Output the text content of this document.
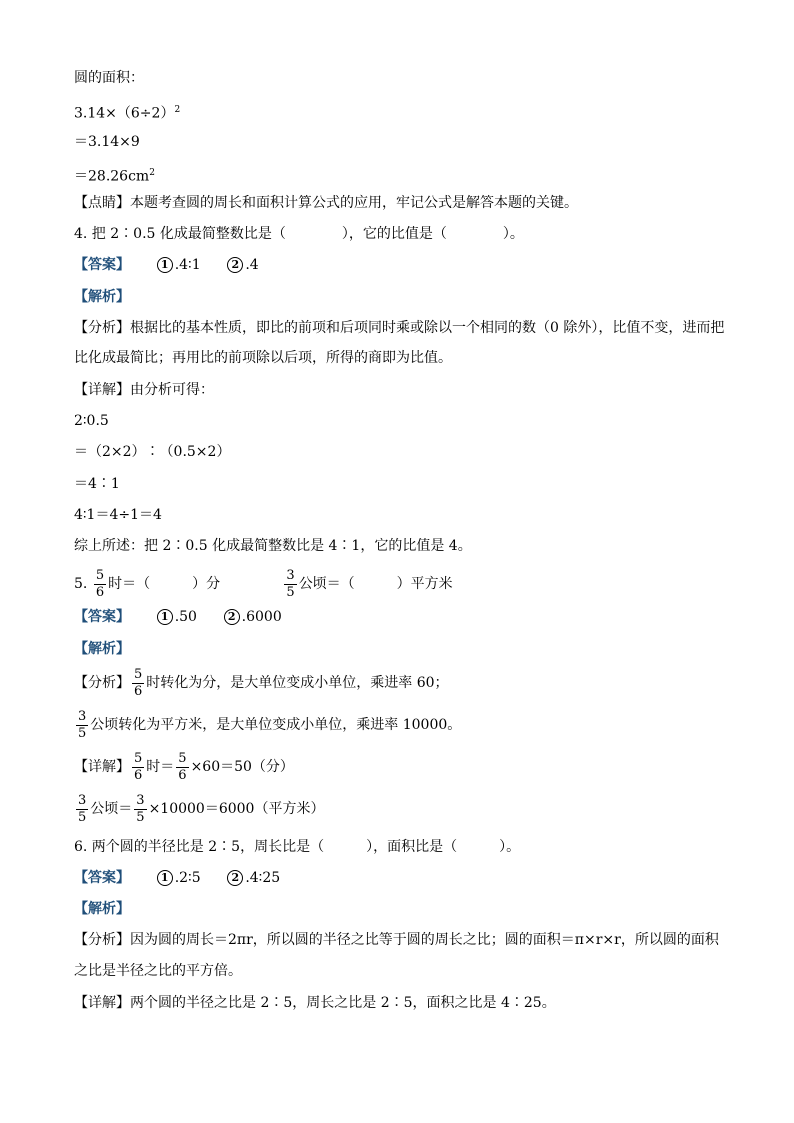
圆的面积：
$3.14\times(6\div 2)^2$
＝3.14×9
$=28.26cm^2$
【点睛】本题考查圆的周长和面积计算公式的应用，牢记公式是解答本题的关键。
4. 把 2∶0.5 化成最简整数比是（　　　　），它的比值是（　　　　）。
【答案】	1 .4∶1	2 .4
【解析】
【分析】根据比的基本性质，即比的前项和后项同时乘或除以一个相同的数（0 除外），比值不变，进而把
比化成最简比；再用比的前项除以后项，所得的商即为比值。
【详解】由分析可得：
2∶0.5
＝（2×2）∶（0.5×2）
＝4∶1
4∶1＝4÷1＝4
综上所述：把 2∶0.5 化成最简整数比是 4∶1，它的比值是 4。
5. $\frac{5}{6}$ 时＝（　　　）分	$\frac{3}{5}$ 公顷＝（　　　）平方米
【答案】	1 .50	2 .6000
【解析】
【分析】 $\frac{5}{6}$ 时转化为分，是大单位变成小单位，乘进率 60；
$\frac{3}{5}$ 公顷转化为平方米，是大单位变成小单位，乘进率 10000。
【详解】 $\frac{5}{6}$ 时＝ $\frac{5}{6} \times 60=50$（分）
$\frac{3}{5}$ 公顷＝ $\frac{3}{5} \times 10000=6000$（平方米）
6. 两个圆的半径比是 2∶5，周长比是（　　　），面积比是（　　　）。
【答案】	1 .2∶5	2 .4∶25
【解析】
【分析】因为圆的周长＝2πr，所以圆的半径之比等于圆的周长之比；圆的面积＝π×r×r，所以圆的面积
之比是半径之比的平方倍。
【详解】两个圆的半径之比是 2∶5，周长之比是 2∶5，面积之比是 4∶25。
